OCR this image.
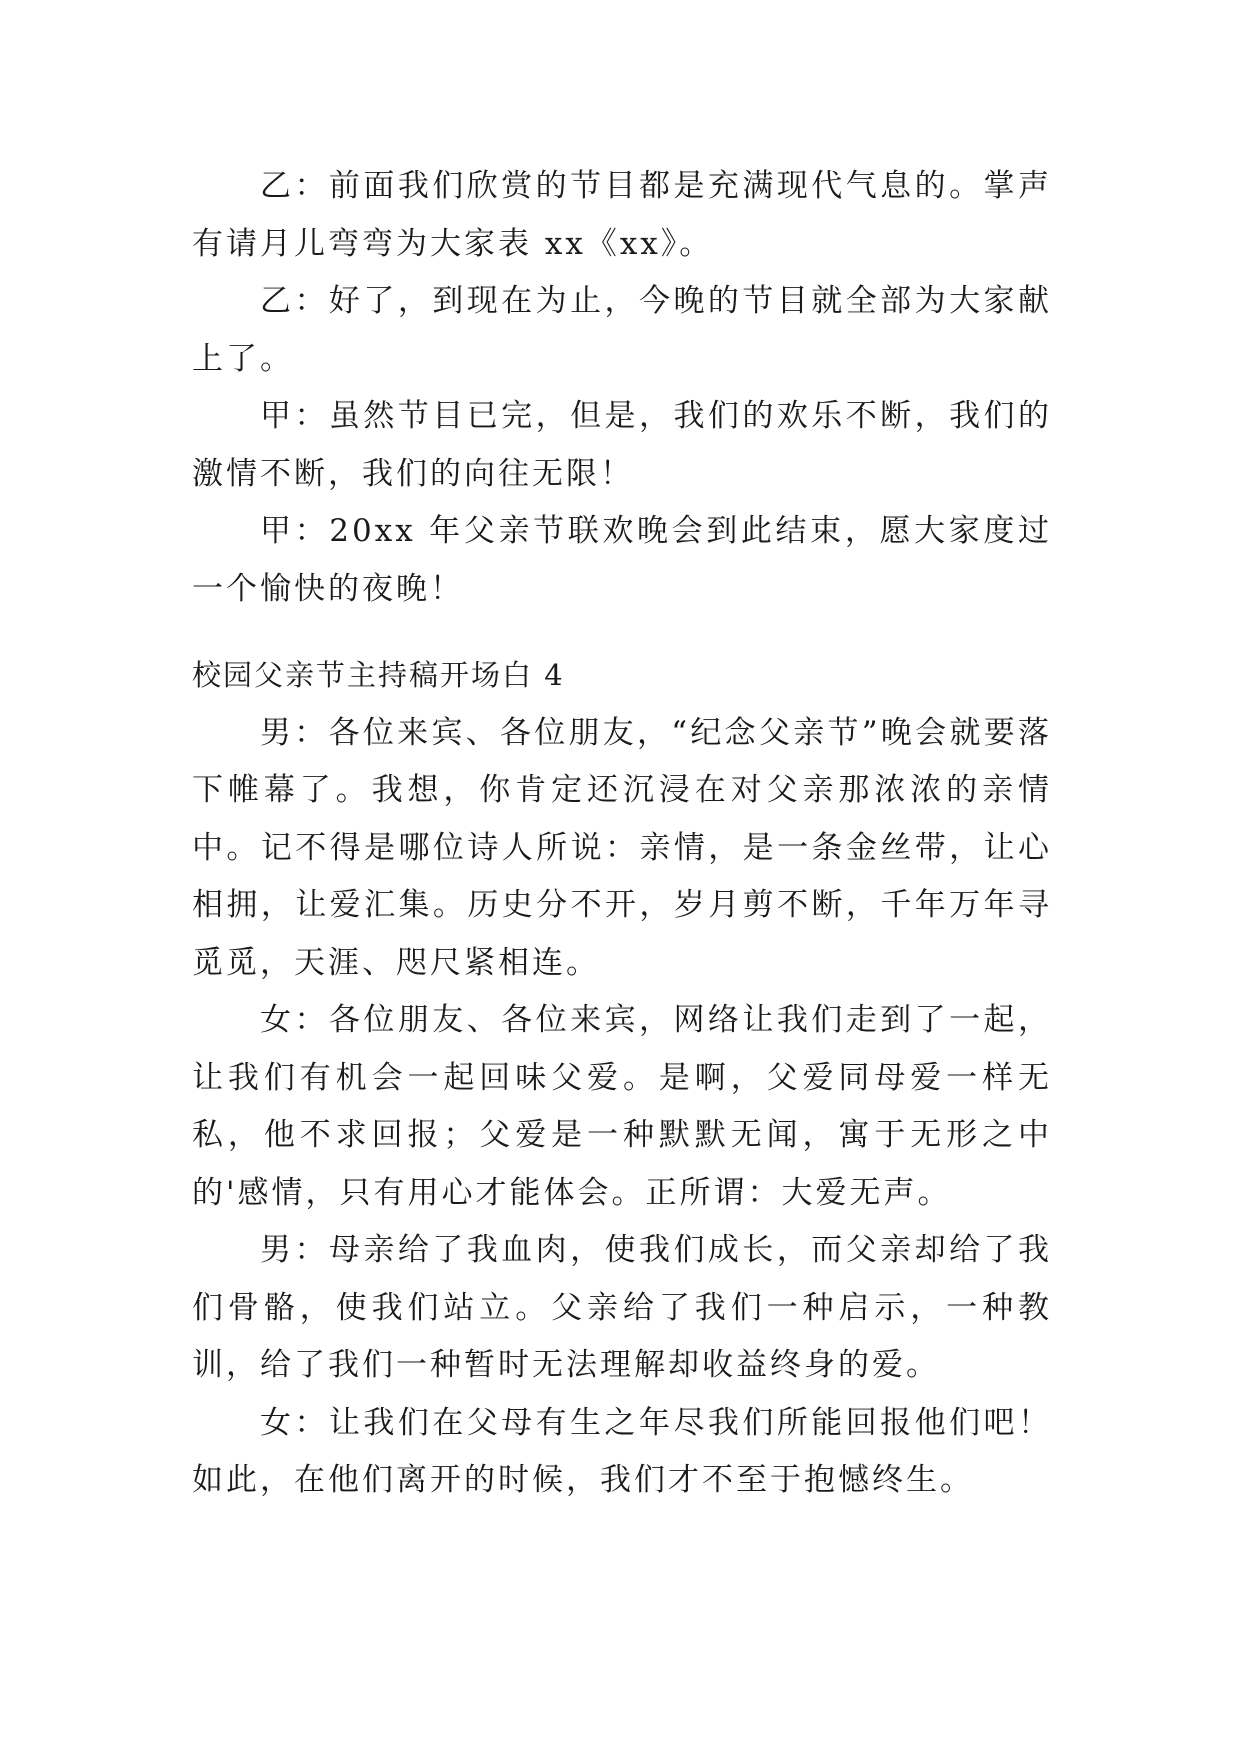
乙：前面我们欣赏的节目都是充满现代气息的。掌声有请月儿弯弯为大家表 xx《xx》。

乙：好了，到现在为止，今晚的节目就全部为大家献上了。

甲：虽然节目已完，但是，我们的欢乐不断，我们的激情不断，我们的向往无限！

甲：20xx 年父亲节联欢晚会到此结束，愿大家度过一个愉快的夜晚！

校园父亲节主持稿开场白 4

男：各位来宾、各位朋友，“纪念父亲节”晚会就要落下帷幕了。我想，你肯定还沉浸在对父亲那浓浓的亲情中。记不得是哪位诗人所说：亲情，是一条金丝带，让心相拥，让爱汇集。历史分不开，岁月剪不断，千年万年寻觅觅，天涯、咫尺紧相连。

女：各位朋友、各位来宾，网络让我们走到了一起，让我们有机会一起回味父爱。是啊，父爱同母爱一样无私，他不求回报；父爱是一种默默无闻，寓于无形之中的'感情，只有用心才能体会。正所谓：大爱无声。

男：母亲给了我血肉，使我们成长，而父亲却给了我们骨骼，使我们站立。父亲给了我们一种启示，一种教训，给了我们一种暂时无法理解却收益终身的爱。

女：让我们在父母有生之年尽我们所能回报他们吧！如此，在他们离开的时候，我们才不至于抱憾终生。
